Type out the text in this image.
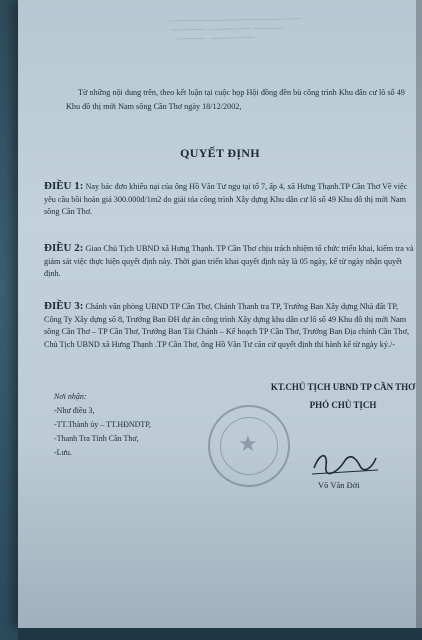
───────────────────────────
───────  ────────  ──────
──────  ─────────

Từ những nội dung trên, theo kết luận tại cuộc họp Hội đồng đền bù công trình Khu dân cư lô số 49 Khu đô thị mới Nam sông Cần Thơ ngày 18/12/2002,
QUYẾT ĐỊNH
ĐIỀU 1: Nay bác đơn khiếu nại của ông Hồ Văn Tư ngụ tại tổ 7, ấp 4, xã Hưng Thạnh.TP Cần Thơ Về việc yêu cầu bồi hoàn giá 300.000đ/1m2 do giải tỏa công trình Xây dựng Khu dân cư lô số 49 Khu đô thị mới Nam sông Cần Thơ.
ĐIỀU 2: Giao Chủ Tịch UBND xã Hưng Thạnh. TP Cần Thơ chịu trách nhiệm tổ chức triển khai, kiểm tra và giám sát việc thực hiện quyết định này. Thời gian triển khai quyết định này là 05 ngày, kể từ ngày nhận quyết định.
ĐIỀU 3: Chánh văn phòng UBND TP Cần Thơ, Chánh Thanh tra TP, Trưởng Ban Xây dựng Nhà đất TP, Công Ty Xây dựng số 8, Trưởng Ban ĐH dự án công trình Xây dựng khu dân cư lô số 49 Khu đô thị mới Nam sông Cần Thơ – TP Cần Thơ, Trưởng Ban Tài Chánh – Kế hoạch TP Cần Thơ, Trưởng Ban Địa chính Cần Thơ, Chủ Tịch UBND xã Hưng Thạnh .TP Cần Thơ, ông Hồ Văn Tư căn cứ quyết định thi hành kể từ ngày ký./-
Nơi nhận:
-Như điều 3,
-TT.Thành ủy – TT.HĐNDTP,
-Thanh Tra Tỉnh Cần Thơ,
-Lưu.
KT.CHỦ TỊCH UBND TP CẦN THƠ
PHÓ CHỦ TỊCH
★
Võ Văn Đời
